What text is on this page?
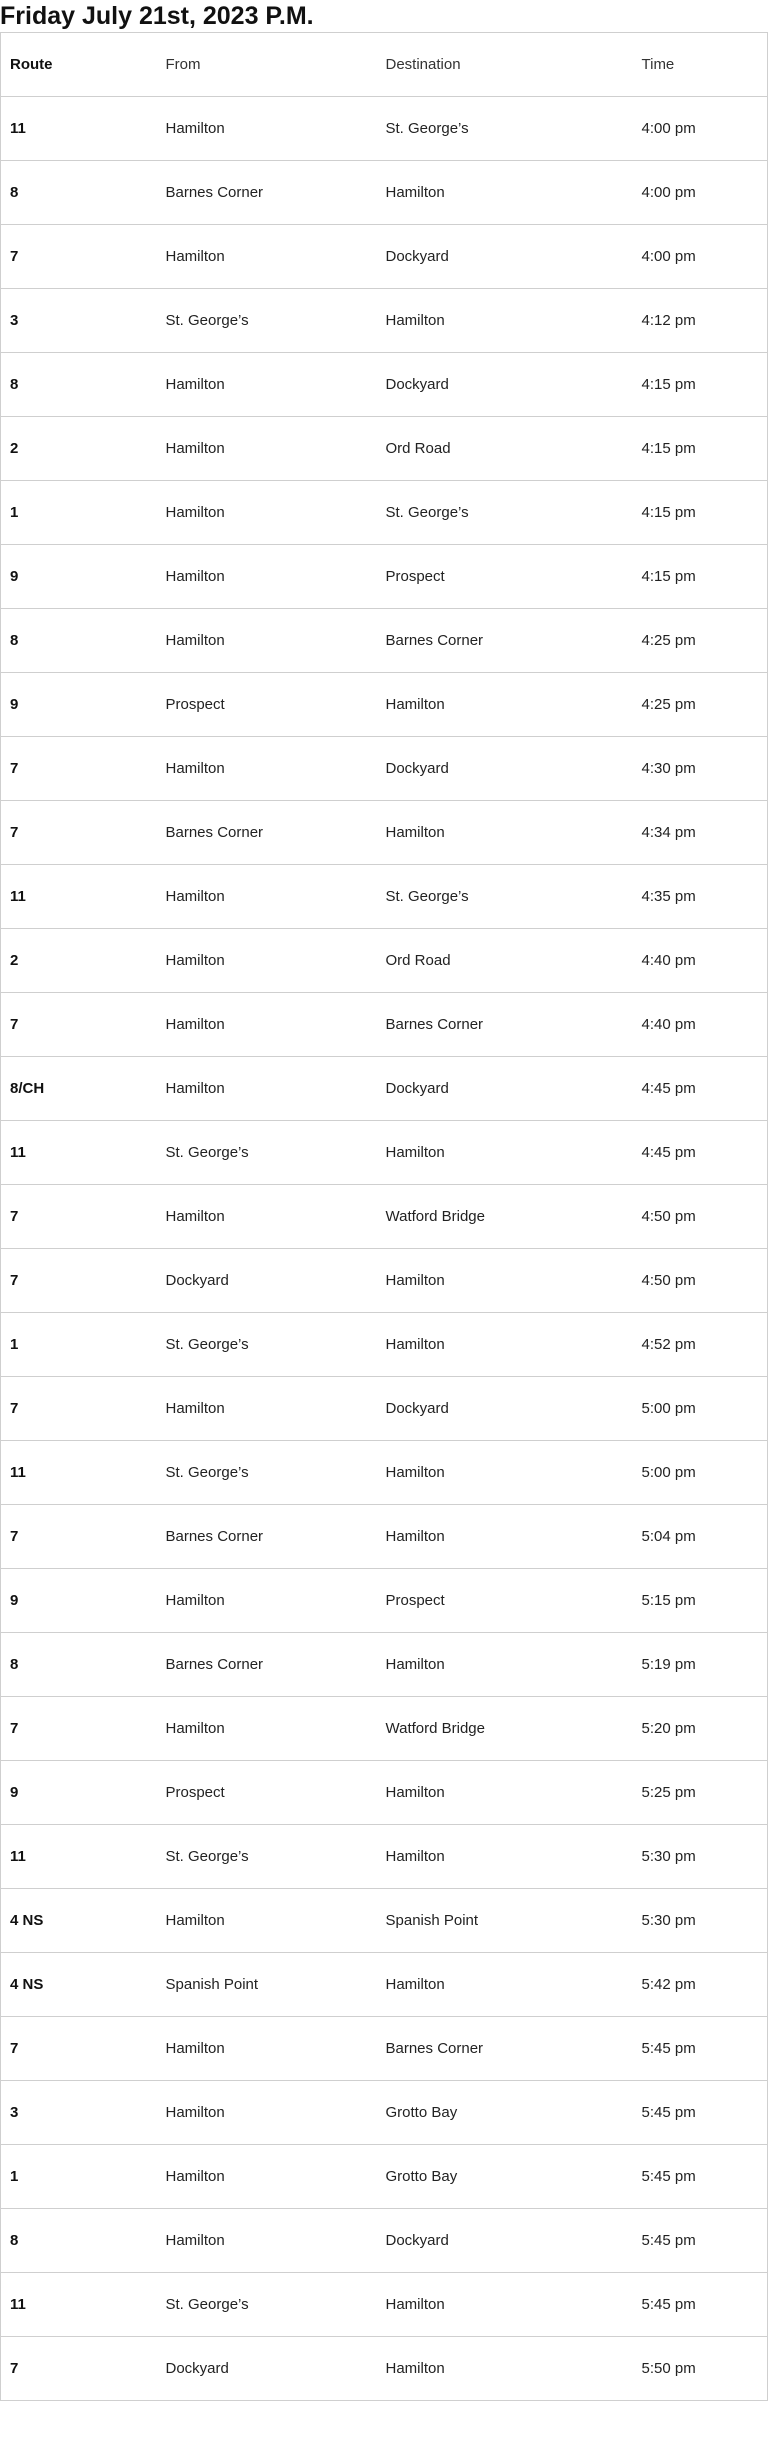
Friday July 21st, 2023 P.M.
Route	From	Destination	Time
11	Hamilton	St. George’s	4:00 pm
8	Barnes Corner	Hamilton	4:00 pm
7	Hamilton	Dockyard	4:00 pm
3	St. George’s	Hamilton	4:12 pm
8	Hamilton	Dockyard	4:15 pm
2	Hamilton	Ord Road	4:15 pm
1	Hamilton	St. George’s	4:15 pm
9	Hamilton	Prospect	4:15 pm
8	Hamilton	Barnes Corner	4:25 pm
9	Prospect	Hamilton	4:25 pm
7	Hamilton	Dockyard	4:30 pm
7	Barnes Corner	Hamilton	4:34 pm
11	Hamilton	St. George’s	4:35 pm
2	Hamilton	Ord Road	4:40 pm
7	Hamilton	Barnes Corner	4:40 pm
8/CH	Hamilton	Dockyard	4:45 pm
11	St. George’s	Hamilton	4:45 pm
7	Hamilton	Watford Bridge	4:50 pm
7	Dockyard	Hamilton	4:50 pm
1	St. George’s	Hamilton	4:52 pm
7	Hamilton	Dockyard	5:00 pm
11	St. George’s	Hamilton	5:00 pm
7	Barnes Corner	Hamilton	5:04 pm
9	Hamilton	Prospect	5:15 pm
8	Barnes Corner	Hamilton	5:19 pm
7	Hamilton	Watford Bridge	5:20 pm
9	Prospect	Hamilton	5:25 pm
11	St. George’s	Hamilton	5:30 pm
4 NS	Hamilton	Spanish Point	5:30 pm
4 NS	Spanish Point	Hamilton	5:42 pm
7	Hamilton	Barnes Corner	5:45 pm
3	Hamilton	Grotto Bay	5:45 pm
1	Hamilton	Grotto Bay	5:45 pm
8	Hamilton	Dockyard	5:45 pm
11	St. George’s	Hamilton	5:45 pm
7	Dockyard	Hamilton	5:50 pm
